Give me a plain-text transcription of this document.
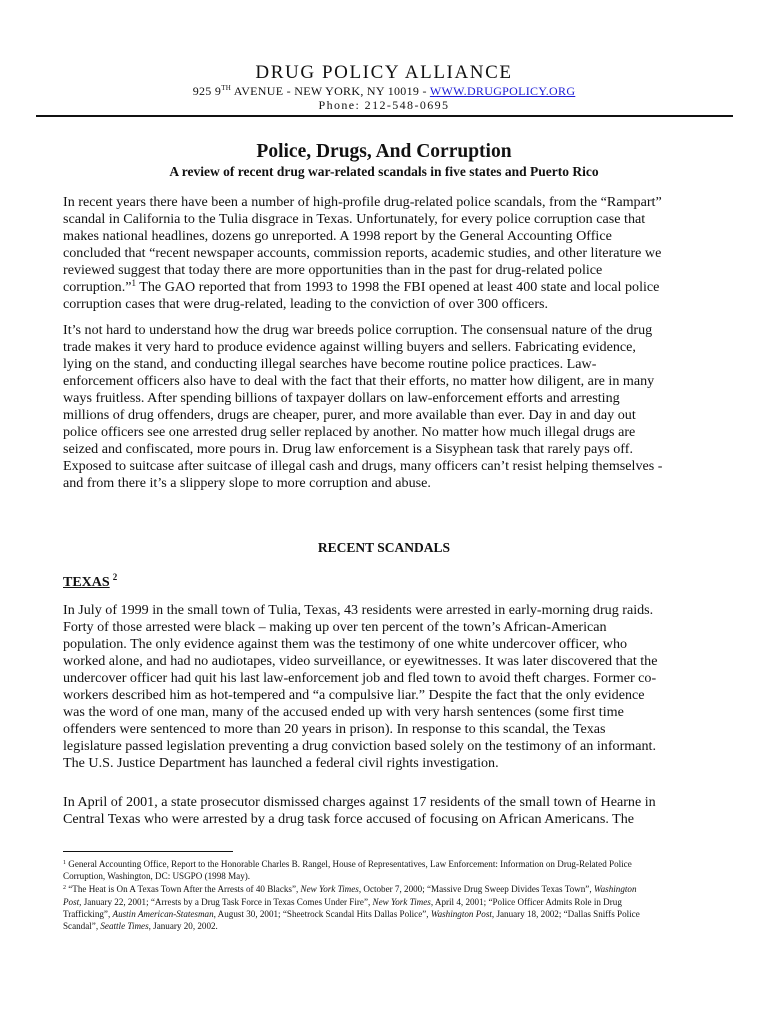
DRUG POLICY ALLIANCE
925 9TH AVENUE - NEW YORK, NY 10019 - WWW.DRUGPOLICY.ORG
Phone: 212-548-0695
Police, Drugs, And Corruption
A review of recent drug war-related scandals in five states and Puerto Rico

In recent years there have been a number of high-profile drug-related police scandals, from the “Rampart”
scandal in California to the Tulia disgrace in Texas. Unfortunately, for every police corruption case that
makes national headlines, dozens go unreported. A 1998 report by the General Accounting Office
concluded that “recent newspaper accounts, commission reports, academic studies, and other literature we
reviewed suggest that today there are more opportunities than in the past for drug-related police
corruption.”$^1$ The GAO reported that from 1993 to 1998 the FBI opened at least 400 state and local police
corruption cases that were drug-related, leading to the conviction of over 300 officers.

It’s not hard to understand how the drug war breeds police corruption. The consensual nature of the drug
trade makes it very hard to produce evidence against willing buyers and sellers. Fabricating evidence,
lying on the stand, and conducting illegal searches have become routine police practices. Law-
enforcement officers also have to deal with the fact that their efforts, no matter how diligent, are in many
ways fruitless. After spending billions of taxpayer dollars on law-enforcement efforts and arresting
millions of drug offenders, drugs are cheaper, purer, and more available than ever. Day in and day out
police officers see one arrested drug seller replaced by another. No matter how much illegal drugs are
seized and confiscated, more pours in. Drug law enforcement is a Sisyphean task that rarely pays off.
Exposed to suitcase after suitcase of illegal cash and drugs, many officers can’t resist helping themselves -
and from there it’s a slippery slope to more corruption and abuse.

RECENT SCANDALS
TEXAS $^2$

In July of 1999 in the small town of Tulia, Texas, 43 residents were arrested in early-morning drug raids.
Forty of those arrested were black – making up over ten percent of the town’s African-American
population. The only evidence against them was the testimony of one white undercover officer, who
worked alone, and had no audiotapes, video surveillance, or eyewitnesses. It was later discovered that the
undercover officer had quit his last law-enforcement job and fled town to avoid theft charges. Former co-
workers described him as hot-tempered and “a compulsive liar.” Despite the fact that the only evidence
was the word of one man, many of the accused ended up with very harsh sentences (some first time
offenders were sentenced to more than 20 years in prison). In response to this scandal, the Texas
legislature passed legislation preventing a drug conviction based solely on the testimony of an informant.
The U.S. Justice Department has launched a federal civil rights investigation.

In April of 2001, a state prosecutor dismissed charges against 17 residents of the small town of Hearne in
Central Texas who were arrested by a drug task force accused of focusing on African Americans. The

$^1$ General Accounting Office, Report to the Honorable Charles B. Rangel, House of Representatives, Law Enforcement: Information on Drug-Related Police
Corruption, Washington, DC: USGPO (1998 May).
$^2$ “The Heat is On A Texas Town After the Arrests of 40 Blacks”, New York Times, October 7, 2000; “Massive Drug Sweep Divides Texas Town”, Washington
Post, January 22, 2001; “Arrests by a Drug Task Force in Texas Comes Under Fire”, New York Times, April 4, 2001; “Police Officer Admits Role in Drug
Trafficking”, Austin American-Statesman, August 30, 2001; “Sheetrock Scandal Hits Dallas Police”, Washington Post, January 18, 2002; “Dallas Sniffs Police
Scandal”, Seattle Times, January 20, 2002.
